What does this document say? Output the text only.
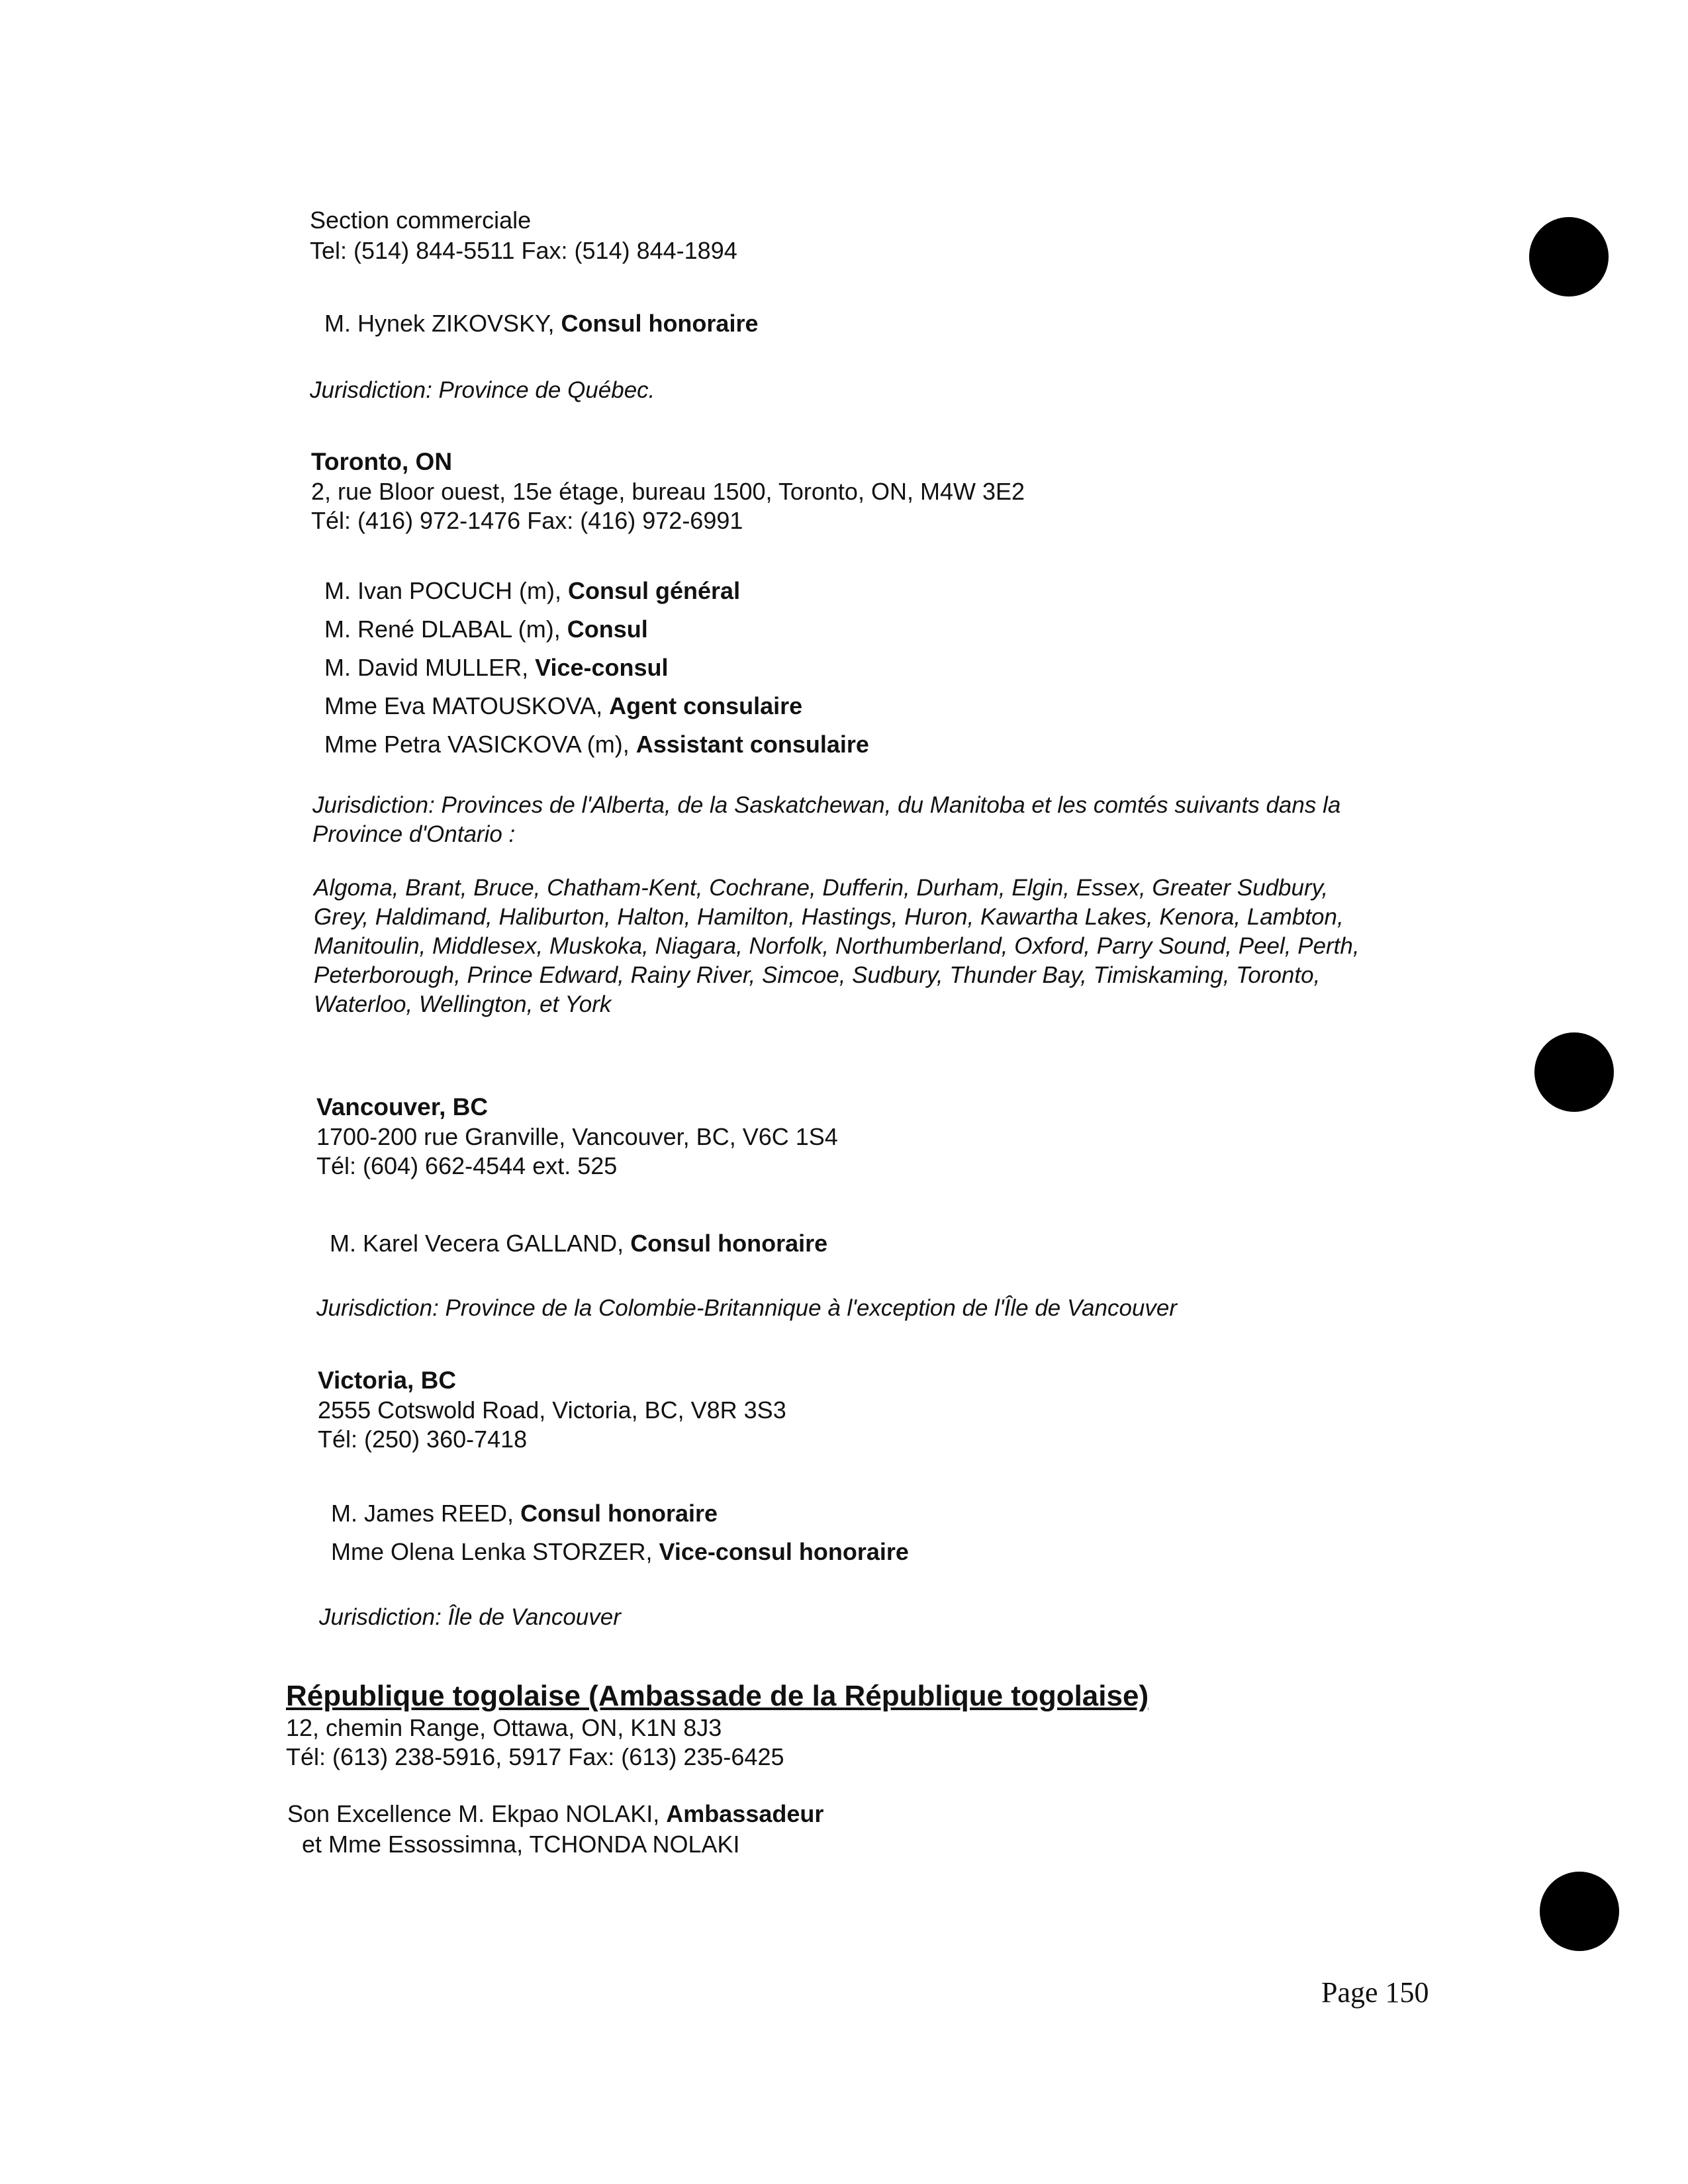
Section commerciale
Tel: (514) 844-5511 Fax: (514) 844-1894
M. Hynek ZIKOVSKY, Consul honoraire
Jurisdiction: Province de Québec.
Toronto, ON
2, rue Bloor ouest, 15e étage, bureau 1500, Toronto, ON, M4W 3E2
Tél: (416) 972-1476 Fax: (416) 972-6991
M. Ivan POCUCH (m), Consul général
M. René DLABAL (m), Consul
M. David MULLER, Vice-consul
Mme Eva MATOUSKOVA, Agent consulaire
Mme Petra VASICKOVA (m), Assistant consulaire
Jurisdiction: Provinces de l'Alberta, de la Saskatchewan, du Manitoba et les comtés suivants dans la Province d'Ontario :
Algoma, Brant, Bruce, Chatham-Kent, Cochrane, Dufferin, Durham, Elgin, Essex, Greater Sudbury, Grey, Haldimand, Haliburton, Halton, Hamilton, Hastings, Huron, Kawartha Lakes, Kenora, Lambton, Manitoulin, Middlesex, Muskoka, Niagara, Norfolk, Northumberland, Oxford, Parry Sound, Peel, Perth, Peterborough, Prince Edward, Rainy River, Simcoe, Sudbury, Thunder Bay, Timiskaming, Toronto, Waterloo, Wellington, et York
Vancouver, BC
1700-200 rue Granville, Vancouver, BC, V6C 1S4
Tél: (604) 662-4544 ext. 525
M. Karel Vecera GALLAND, Consul honoraire
Jurisdiction: Province de la Colombie-Britannique à l'exception de l'Île de Vancouver
Victoria, BC
2555 Cotswold Road, Victoria, BC, V8R 3S3
Tél: (250) 360-7418
M. James REED, Consul honoraire
Mme Olena Lenka STORZER, Vice-consul honoraire
Jurisdiction: Île de Vancouver
République togolaise (Ambassade de la République togolaise)
12, chemin Range, Ottawa, ON, K1N 8J3
Tél: (613) 238-5916, 5917 Fax: (613) 235-6425
Son Excellence M. Ekpao NOLAKI, Ambassadeur
et Mme Essossimna, TCHONDA NOLAKI
Page 150
